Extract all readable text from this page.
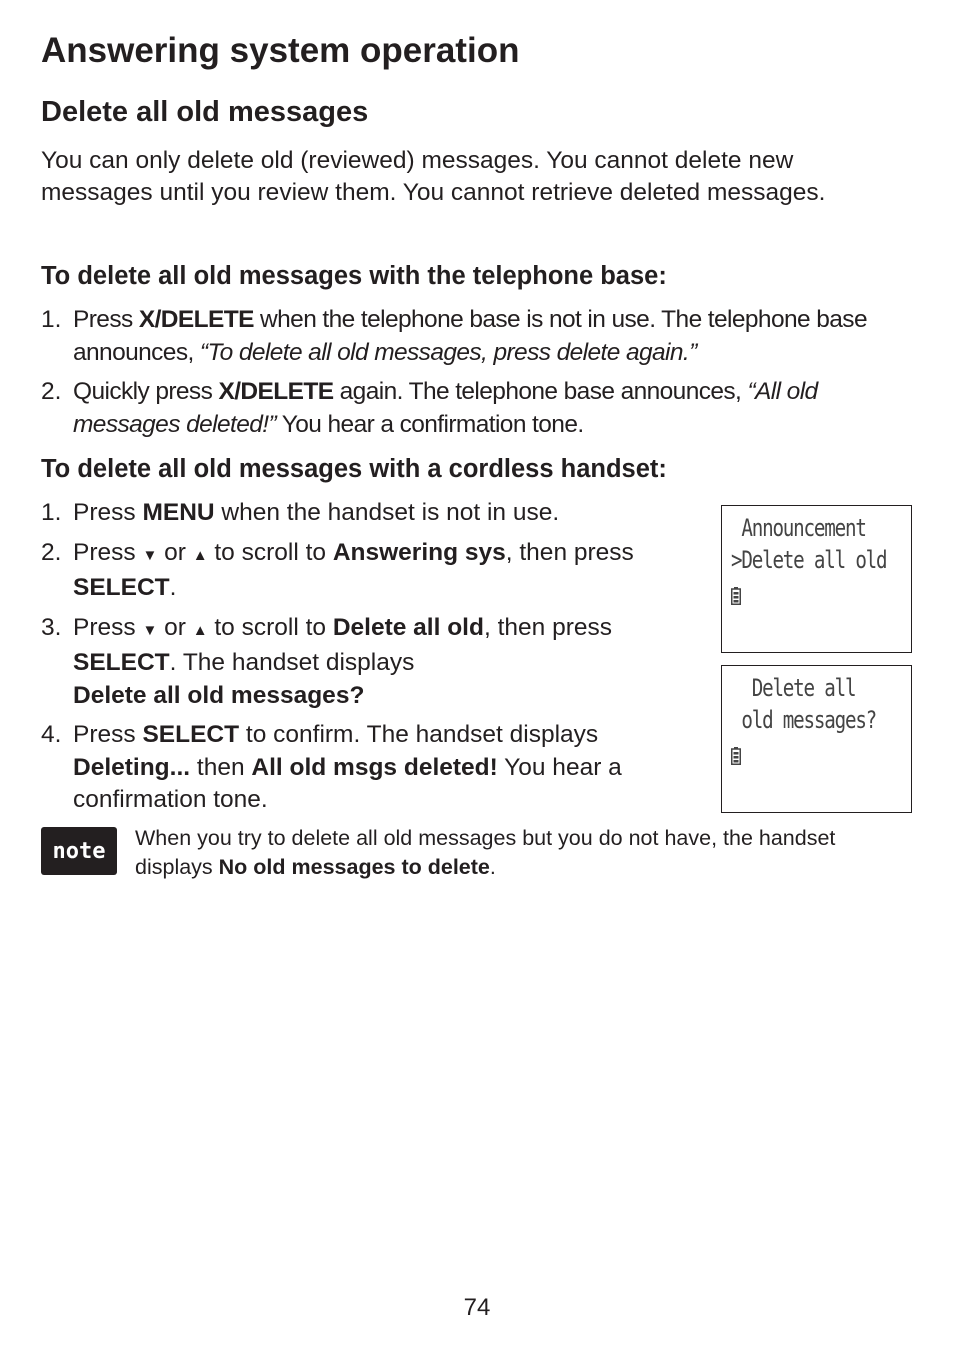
Answering system operation
Delete all old messages

You can only delete old (reviewed) messages. You cannot delete new messages until you review them. You cannot retrieve deleted messages.

To delete all old messages with the telephone base:
1. Press X/DELETE when the telephone base is not in use. The telephone base announces, “To delete all old messages, press delete again.”
2. Quickly press X/DELETE again. The telephone base announces, “All old messages deleted!” You hear a confirmation tone.
To delete all old messages with a cordless handset:
1. Press MENU when the handset is not in use.
2. Press ▼ or ▲ to scroll to Answering sys, then press SELECT.
3. Press ▼ or ▲ to scroll to Delete all old, then press SELECT. The handset displays
Delete all old messages?
4. Press SELECT to confirm. The handset displays Deleting... then All old msgs deleted! You hear a confirmation tone.
Announcement
>Delete all old
Delete all
old messages?
note

When you try to delete all old messages but you do not have, the handset displays No old messages to delete.

74
